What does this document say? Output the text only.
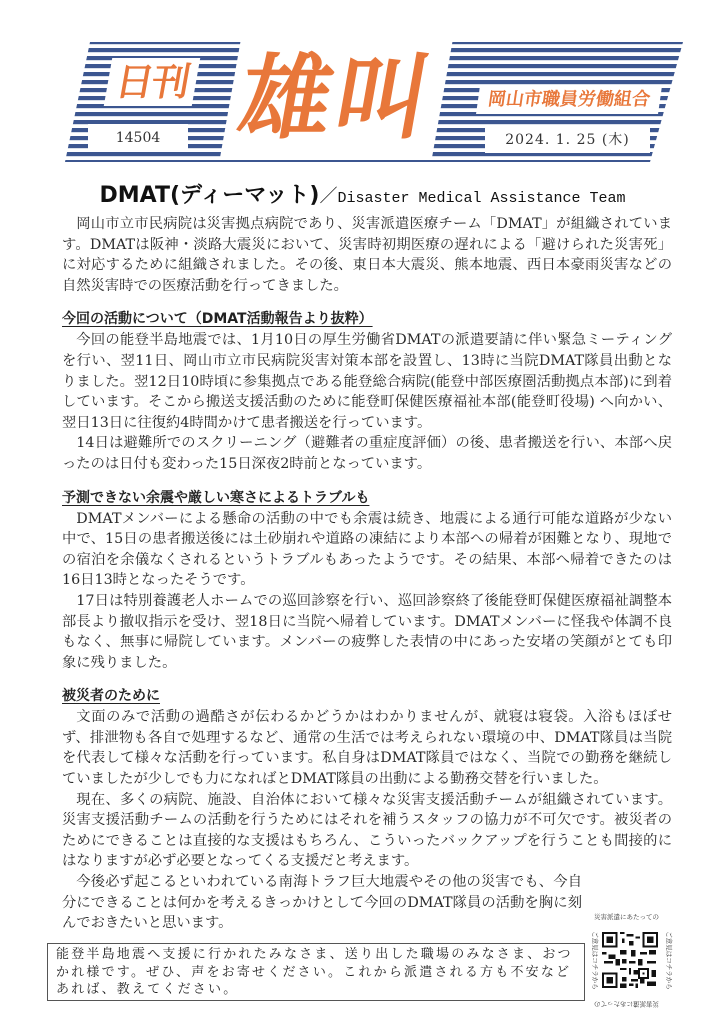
日刊 雄叫	岡山市職員労働組合
14504	2024. 1. 25 (木)
DMAT(ディーマット)／Disaster Medical Assistance Team

岡山市立市民病院は災害拠点病院であり、災害派遣医療チーム「DMAT」が組織されています。DMATは阪神・淡路大震災において、災害時初期医療の遅れによる「避けられた災害死」に対応するために組織されました。その後、東日本大震災、熊本地震、西日本豪雨災害などの自然災害時での医療活動を行ってきました。

今回の活動について（DMAT活動報告より抜粋）

今回の能登半島地震では、1月10日の厚生労働省DMATの派遣要請に伴い緊急ミーティングを行い、翌11日、岡山市立市民病院災害対策本部を設置し、13時に当院DMAT隊員出動となりました。翌12日10時頃に参集拠点である能登総合病院(能登中部医療圏活動拠点本部)に到着しています。そこから搬送支援活動のために能登町保健医療福祉本部(能登町役場) へ向かい、翌日13日に往復約4時間かけて患者搬送を行っています。

14日は避難所でのスクリーニング（避難者の重症度評価）の後、患者搬送を行い、本部へ戻ったのは日付も変わった15日深夜2時前となっています。

予測できない余震や厳しい寒さによるトラブルも

DMATメンバーによる懸命の活動の中でも余震は続き、地震による通行可能な道路が少ない中で、15日の患者搬送後には土砂崩れや道路の凍結により本部への帰着が困難となり、現地での宿泊を余儀なくされるというトラブルもあったようです。その結果、本部へ帰着できたのは16日13時となったそうです。

17日は特別養護老人ホームでの巡回診察を行い、巡回診察終了後能登町保健医療福祉調整本部長より撤収指示を受け、翌18日に当院へ帰着しています。DMATメンバーに怪我や体調不良もなく、無事に帰院しています。メンバーの疲弊した表情の中にあった安堵の笑顔がとても印象に残りました。

被災者のために

文面のみで活動の過酷さが伝わるかどうかはわかりませんが、就寝は寝袋。入浴もほぼせず、排泄物も各自で処理するなど、通常の生活では考えられない環境の中、DMAT隊員は当院を代表して様々な活動を行っています。私自身はDMAT隊員ではなく、当院での勤務を継続していましたが少しでも力になればとDMAT隊員の出動による勤務交替を行いました。

現在、多くの病院、施設、自治体において様々な災害支援活動チームが組織されています。災害支援活動チームの活動を行うためにはそれを補うスタッフの協力が不可欠です。被災者のためにできることは直接的な支援はもちろん、こういったバックアップを行うことも間接的にはなりますが必ず必要となってくる支援だと考えます。

今後必ず起こるといわれている南海トラフ巨大地震やその他の災害でも、今自分にできることは何かを考えるきっかけとして今回のDMAT隊員の活動を胸に刻んでおきたいと思います。

能登半島地震へ支援に行かれたみなさま、送り出した職場のみなさま、おつかれ様です。ぜひ、声をお寄せください。これから派遣される方も不安などあれば、教えてください。
災害派遣にあたっての
ご意見はコチラから
ご意見はコチラから
災害派遣にあたっての
